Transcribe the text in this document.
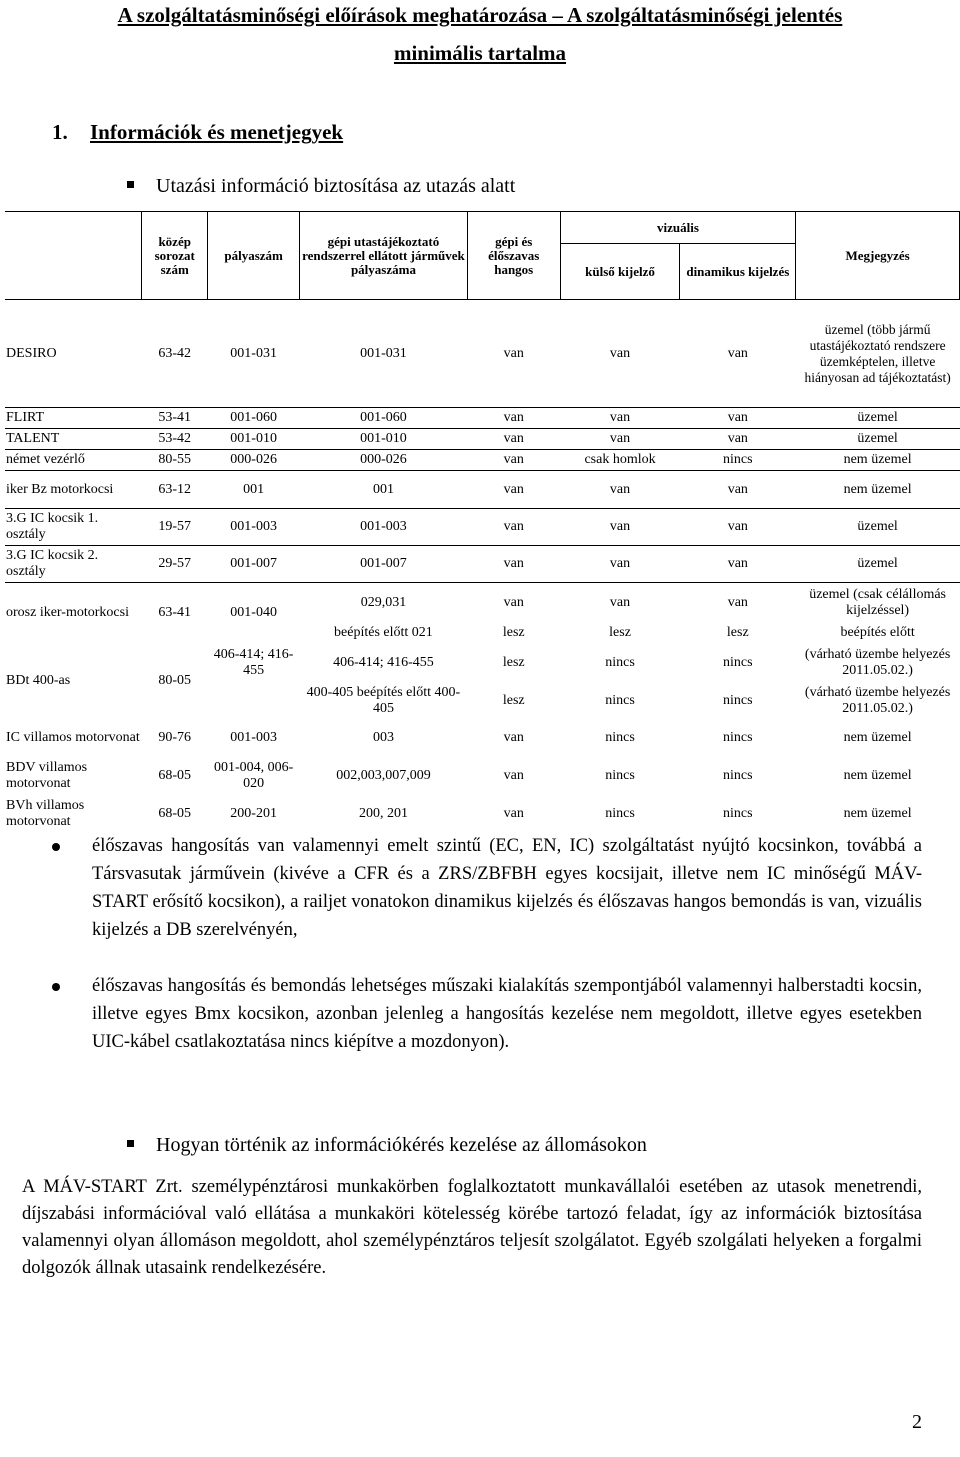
A szolgáltatásminőségi előírások meghatározása – A szolgáltatásminőségi jelentés
minimális tartalma
1. Információk és menetjegyek
Utazási információ biztosítása az utazás alatt
	közép sorozat szám	pályaszám	gépi utastájékoztató rendszerrel ellátott járművek pályaszáma	gépi és élőszavas hangos	vizuális		Megjegyzés
					külső kijelző	dinamikus kijelzés	
DESIRO	63-42	001-031	001-031	van	van	van	üzemel (több jármű utastájékoztató rendszere üzemképtelen, illetve hiányosan ad tájékoztatást)
FLIRT	53-41	001-060	001-060	van	van	van	üzemel
TALENT	53-42	001-010	001-010	van	van	van	üzemel
német vezérlő	80-55	000-026	000-026	van	csak homlok	nincs	nem üzemel
iker Bz motorkocsi	63-12	001	001	van	van	van	nem üzemel
3.G IC kocsik 1. osztály	19-57	001-003	001-003	van	van	van	üzemel
3.G IC kocsik 2. osztály	29-57	001-007	001-007	van	van	van	üzemel
orosz iker-motorkocsi	63-41	001-040	029,031	van	van	van	üzemel (csak célállomás kijelzéssel)
			beépítés előtt 021	lesz	lesz	lesz	beépítés előtt
BDt 400-as	80-05	406-414; 416-455	406-414; 416-455	lesz	nincs	nincs	(várható üzembe helyezés 2011.05.02.)
			400-405 beépítés előtt 400-405	lesz	nincs	nincs	(várható üzembe helyezés 2011.05.02.)
IC villamos motorvonat	90-76	001-003	003	van	nincs	nincs	nem üzemel
BDV villamos motorvonat	68-05	001-004, 006-020	002,003,007,009	van	nincs	nincs	nem üzemel
BVh villamos motorvonat	68-05	200-201	200, 201	van	nincs	nincs	nem üzemel

élőszavas hangosítás van valamennyi emelt szintű (EC, EN, IC) szolgáltatást nyújtó kocsinkon, továbbá a Társvasutak járművein (kivéve a CFR és a ZRS/ZBFBH egyes kocsijait, illetve nem IC minőségű MÁV-START erősítő kocsikon), a railjet vonatokon dinamikus kijelzés és élőszavas hangos bemondás is van, vizuális kijelzés a DB szerelvényén,

élőszavas hangosítás és bemondás lehetséges műszaki kialakítás szempontjából valamennyi halberstadti kocsin, illetve egyes Bmx kocsikon, azonban jelenleg a hangosítás kezelése nem megoldott, illetve egyes esetekben UIC-kábel csatlakoztatása nincs kiépítve a mozdonyon).

Hogyan történik az információkérés kezelése az állomásokon

A MÁV-START Zrt. személypénztárosi munkakörben foglalkoztatott munkavállalói esetében az utasok menetrendi, díjszabási információval való ellátása a munkaköri kötelesség körébe tartozó feladat, így az információk biztosítása valamennyi olyan állomáson megoldott, ahol személypénztáros teljesít szolgálatot. Egyéb szolgálati helyeken a forgalmi dolgozók állnak utasaink rendelkezésére.

2
